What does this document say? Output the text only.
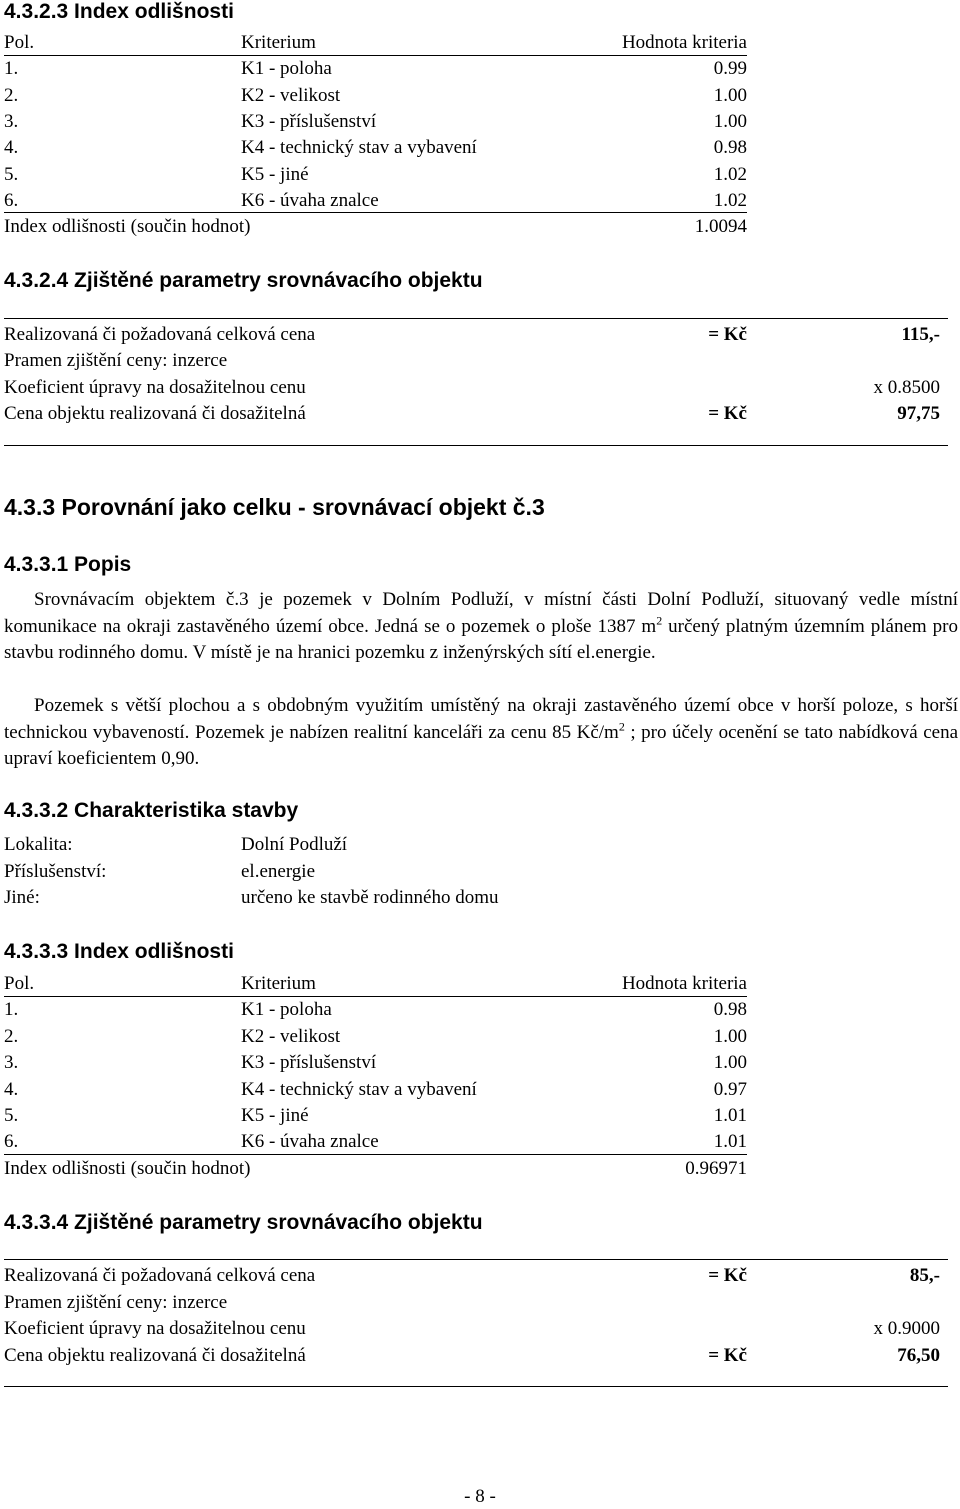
4.3.2.3 Index odlišnosti
Pol.	Kriterium	Hodnota kriteria
1.	K1 - poloha	0.99
2.	K2 - velikost	1.00
3.	K3 - příslušenství	1.00
4.	K4 - technický stav a vybavení	0.98
5.	K5 - jiné	1.02
6.	K6 - úvaha znalce	1.02
Index odlišnosti (součin hodnot)	1.0094
4.3.2.4 Zjištěné parametry srovnávacího objektu
Realizovaná či požadovaná celková cena	= Kč	115,-
Pramen zjištění ceny: inzerce
Koeficient úpravy na dosažitelnou cenu	x 0.8500
Cena objektu realizovaná či dosažitelná	= Kč	97,75
4.3.3 Porovnání jako celku - srovnávací objekt č.3
4.3.3.1 Popis
Srovnávacím objektem č.3 je pozemek v Dolním Podluží, v místní části Dolní Podluží, situovaný vedle místní komunikace na okraji zastavěného území obce. Jedná se o pozemek o ploše 1387 $m^2$ určený platným územním plánem pro stavbu rodinného domu. V místě je na hranici pozemku z inženýrských sítí el.energie.
Pozemek s větší plochou a s obdobným využitím umístěný na okraji zastavěného území obce v horší poloze, s horší technickou vybaveností. Pozemek je nabízen realitní kanceláři za cenu 85 $Kč/m^2$ ; pro účely ocenění se tato nabídková cena upraví koeficientem 0,90.
4.3.3.2 Charakteristika stavby
Lokalita:	Dolní Podluží
Příslušenství:	el.energie
Jiné:	určeno ke stavbě rodinného domu
4.3.3.3 Index odlišnosti
Pol.	Kriterium	Hodnota kriteria
1.	K1 - poloha	0.98
2.	K2 - velikost	1.00
3.	K3 - příslušenství	1.00
4.	K4 - technický stav a vybavení	0.97
5.	K5 - jiné	1.01
6.	K6 - úvaha znalce	1.01
Index odlišnosti (součin hodnot)	0.96971
4.3.3.4 Zjištěné parametry srovnávacího objektu
Realizovaná či požadovaná celková cena	= Kč	85,-
Pramen zjištění ceny: inzerce
Koeficient úpravy na dosažitelnou cenu	x 0.9000
Cena objektu realizovaná či dosažitelná	= Kč	76,50
- 8 -
